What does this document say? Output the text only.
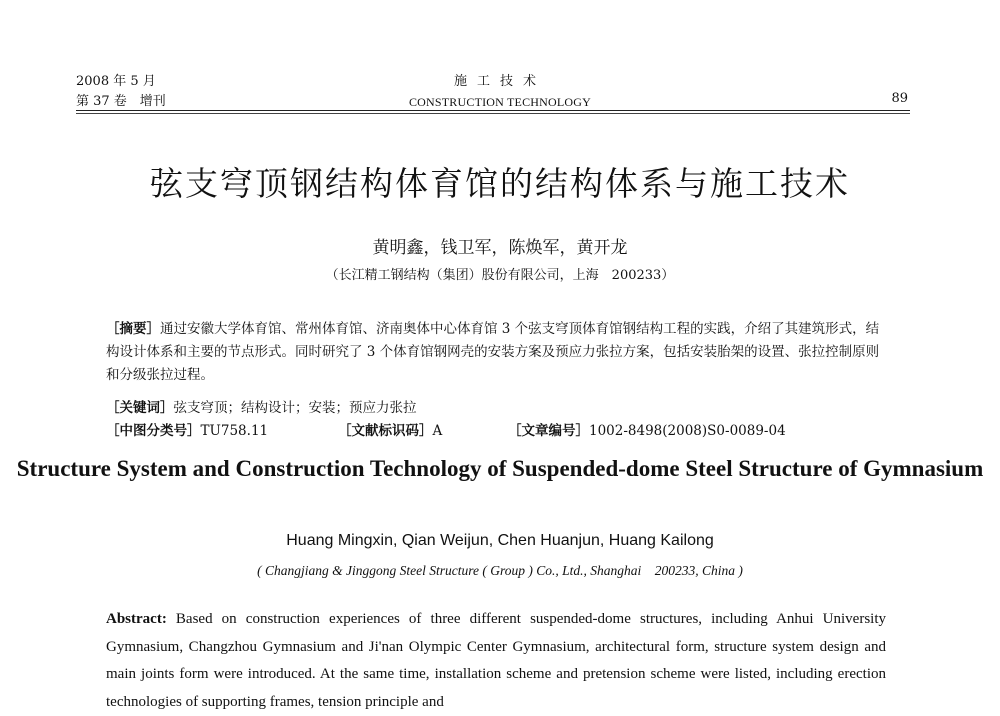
2008 年 5 月
第 37 卷　增刊
施工技术
CONSTRUCTION TECHNOLOGY	89
弦支穹顶钢结构体育馆的结构体系与施工技术
黄明鑫，钱卫军，陈焕军，黄开龙
（长江精工钢结构（集团）股份有限公司，上海　200233）
［摘要］通过安徽大学体育馆、常州体育馆、济南奥体中心体育馆 3 个弦支穹顶体育馆钢结构工程的实践，介绍了其建筑形式，结构设计体系和主要的节点形式。同时研究了 3 个体育馆钢网壳的安装方案及预应力张拉方案，包括安装胎架的设置、张拉控制原则和分级张拉过程。
［关键词］弦支穹顶；结构设计；安装；预应力张拉
［中图分类号］TU758.11	［文献标识码］A	［文章编号］1002-8498(2008)S0-0089-04
Structure System and Construction Technology of Suspended-dome Steel Structure of Gymnasium
Huang Mingxin, Qian Weijun, Chen Huanjun, Huang Kailong
( Changjiang & Jinggong Steel Structure ( Group ) Co., Ltd., Shanghai　200233, China )
Abstract: Based on construction experiences of three different suspended-dome structures, including Anhui University Gymnasium, Changzhou Gymnasium and Ji'nan Olympic Center Gymnasium, architectural form, structure system design and main joints form were introduced. At the same time, installation scheme and pretension scheme were listed, including erection technologies of supporting frames, tension principle and
